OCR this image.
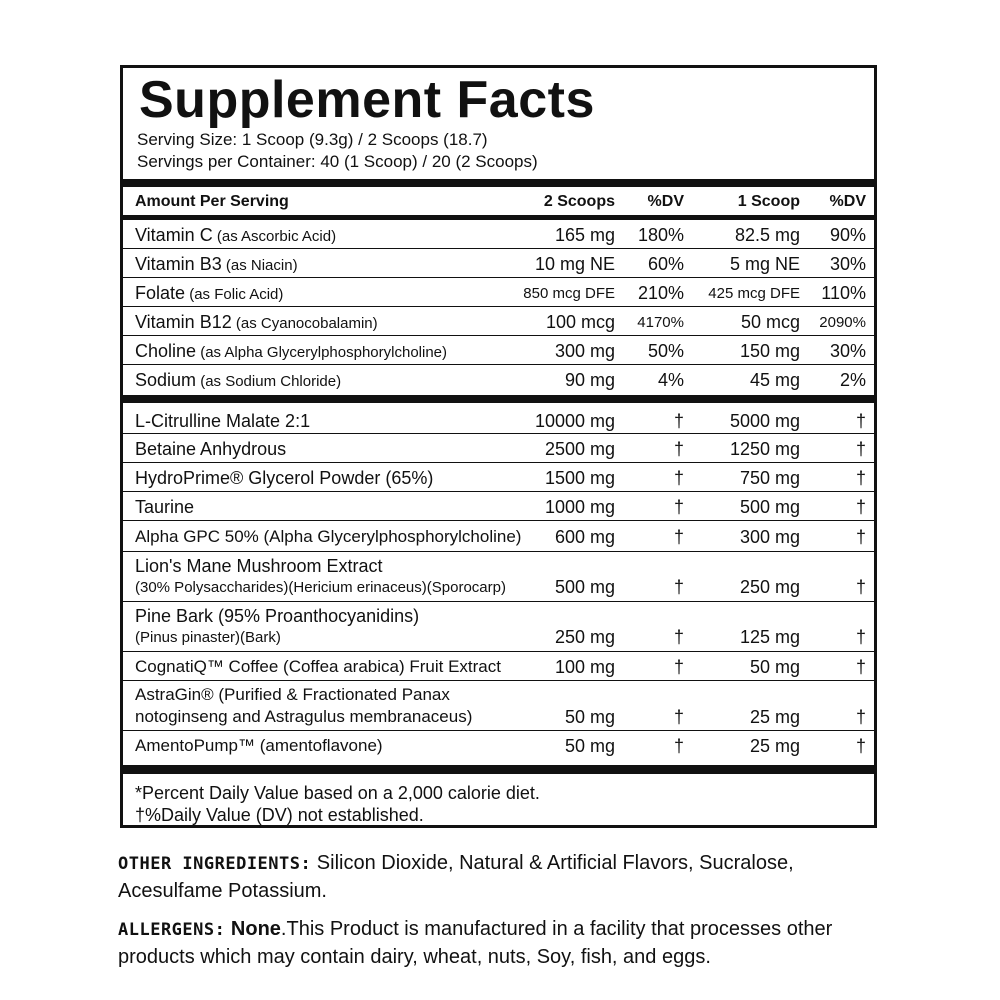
Supplement Facts
Serving Size: 1 Scoop (9.3g) / 2 Scoops (18.7)
Servings per Container: 40 (1 Scoop) / 20 (2 Scoops)
Amount Per Serving	2 Scoops %DV	1 Scoop %DV
Vitamin C (as Ascorbic Acid)	165 mg 180%	82.5 mg 90%
Vitamin B3 (as Niacin)	10 mg NE 60%	5 mg NE 30%
Folate (as Folic Acid)	850 mcg DFE 210% 425 mcg DFE 110%
Vitamin B12 (as Cyanocobalamin)	100 mcg 4170%	50 mcg 2090%
Choline (as Alpha Glycerylphosphorylcholine)	300 mg 50%	150 mg 30%
Sodium (as Sodium Chloride)	90 mg 4%	45 mg 2%
L-Citrulline Malate 2:1	10000 mg	†	5000 mg	†
Betaine Anhydrous	2500 mg	†	1250 mg	†
HydroPrime® Glycerol Powder (65%)	1500 mg	†	750 mg	†
Taurine	1000 mg	†	500 mg	†
Alpha GPC 50% (Alpha Glycerylphosphorylcholine) 600 mg	†	300 mg	†
Lion's Mane Mushroom Extract
(30% Polysaccharides)(Hericium erinaceus)(Sporocarp)	500 mg	†	250 mg	†
Pine Bark (95% Proanthocyanidins)
(Pinus pinaster)(Bark)	250 mg	†	125 mg	†
CognatiQ™ Coffee (Coffea arabica) Fruit Extract	100 mg	†	50 mg	†
AstraGin® (Purified & Fractionated Panax
notoginseng and Astragulus membranaceus)	50 mg	†	25 mg	†
AmentoPump™ (amentoflavone)	50 mg	†	25 mg	†
*Percent Daily Value based on a 2,000 calorie diet.
†%Daily Value (DV) not established.
OTHER INGREDIENTS: Silicon Dioxide, Natural & Artificial Flavors, Sucralose, Acesulfame Potassium.
ALLERGENS: None.This Product is manufactured in a facility that processes other products which may contain dairy, wheat, nuts, Soy, fish, and eggs.
